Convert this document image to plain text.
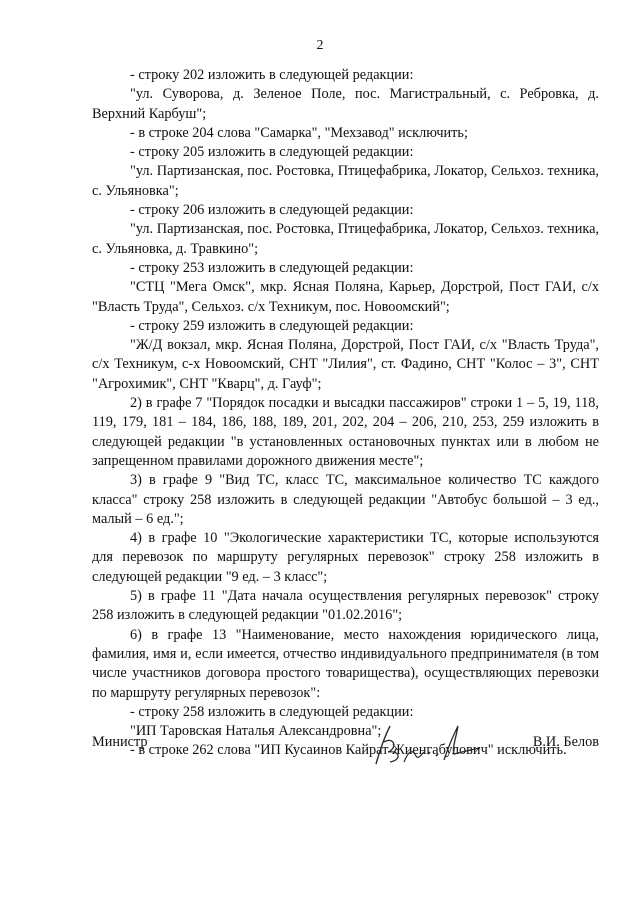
2

- строку 202 изложить в следующей редакции:

"ул. Суворова, д. Зеленое Поле, пос. Магистральный, с. Ребровка, д. Верхний Карбуш";

- в строке 204 слова "Самарка", "Мехзавод" исключить;

- строку 205 изложить в следующей редакции:

"ул. Партизанская, пос. Ростовка, Птицефабрика, Локатор, Сельхоз. техника, с. Ульяновка";

- строку 206 изложить в следующей редакции:

"ул. Партизанская, пос. Ростовка, Птицефабрика, Локатор, Сельхоз. техника, с. Ульяновка, д. Травкино";

- строку 253 изложить в следующей редакции:

"СТЦ "Мега Омск", мкр. Ясная Поляна, Карьер, Дорстрой, Пост ГАИ, с/х "Власть Труда", Сельхоз. с/х Техникум, пос. Новоомский";

- строку 259 изложить в следующей редакции:

"Ж/Д вокзал, мкр. Ясная Поляна, Дорстрой, Пост ГАИ, с/х "Власть Труда", с/х Техникум, с-х Новоомский, СНТ "Лилия", ст. Фадино, СНТ "Колос – 3", СНТ "Агрохимик", СНТ "Кварц", д. Гауф";

2) в графе 7 "Порядок посадки и высадки пассажиров" строки 1 – 5, 19, 118, 119, 179, 181 – 184, 186, 188, 189, 201, 202, 204 – 206, 210, 253, 259 изложить в следующей редакции "в установленных остановочных пунктах или в любом не запрещенном правилами дорожного движения месте";

3) в графе 9 "Вид ТС, класс ТС, максимальное количество ТС каждого класса" строку 258 изложить в следующей редакции "Автобус большой – 3 ед., малый – 6 ед.";

4) в графе 10 "Экологические характеристики ТС, которые используются для перевозок по маршруту регулярных перевозок" строку 258 изложить в следующей редакции "9 ед. – 3 класс";

5) в графе 11 "Дата начала осуществления регулярных перевозок" строку 258 изложить в следующей редакции "01.02.2016";

6) в графе 13 "Наименование, место нахождения юридического лица, фамилия, имя и, если имеется, отчество индивидуального предпринимателя (в том числе участников договора простого товарищества), осуществляющих перевозки по маршруту регулярных перевозок":

- строку 258 изложить в следующей редакции:

"ИП Таровская Наталья Александровна";

- в строке 262 слова "ИП Кусаинов Кайрат Жиенгабулович" исключить.

Министр	В.И. Белов
